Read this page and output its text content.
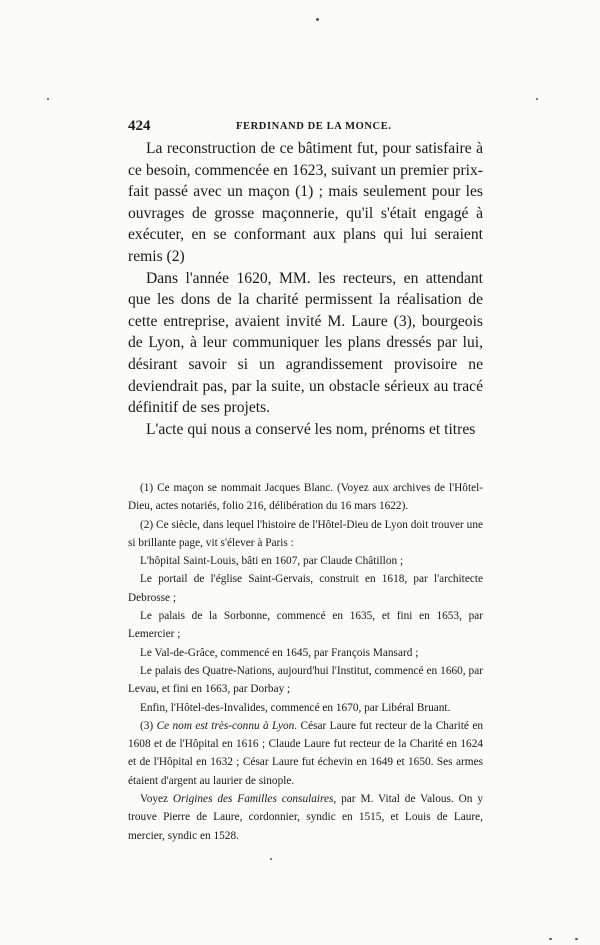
424	FERDINAND DE LA MONCE.

La reconstruction de ce bâtiment fut, pour satisfaire à ce besoin, commencée en 1623, suivant un premier prix-fait passé avec un maçon (1) ; mais seulement pour les ouvrages de grosse maçonnerie, qu'il s'était engagé à exécuter, en se conformant aux plans qui lui seraient remis (2)

Dans l'année 1620, MM. les recteurs, en attendant que les dons de la charité permissent la réalisation de cette entreprise, avaient invité M. Laure (3), bourgeois de Lyon, à leur communiquer les plans dressés par lui, désirant savoir si un agrandissement provisoire ne deviendrait pas, par la suite, un obstacle sérieux au tracé définitif de ses projets.

L'acte qui nous a conservé les nom, prénoms et titres

(1) Ce maçon se nommait Jacques Blanc. (Voyez aux archives de l'Hôtel-Dieu, actes notariés, folio 216, délibération du 16 mars 1622).

(2) Ce siècle, dans lequel l'histoire de l'Hôtel-Dieu de Lyon doit trouver une si brillante page, vit s'élever à Paris :

L'hôpital Saint-Louis, bâti en 1607, par Claude Châtillon ;

Le portail de l'église Saint-Gervais, construit en 1618, par l'architecte Debrosse ;

Le palais de la Sorbonne, commencé en 1635, et fini en 1653, par Lemercier ;

Le Val-de-Grâce, commencé en 1645, par François Mansard ;

Le palais des Quatre-Nations, aujourd'hui l'Institut, commencé en 1660, par Levau, et fini en 1663, par Dorbay ;

Enfin, l'Hôtel-des-Invalides, commencé en 1670, par Libéral Bruant.

(3) Ce nom est très-connu à Lyon. César Laure fut recteur de la Charité en 1608 et de l'Hôpital en 1616 ; Claude Laure fut recteur de la Charité en 1624 et de l'Hôpital en 1632 ; César Laure fut échevin en 1649 et 1650. Ses armes étaient d'argent au laurier de sinople.

Voyez Origines des Familles consulaires, par M. Vital de Valous. On y trouve Pierre de Laure, cordonnier, syndic en 1515, et Louis de Laure, mercier, syndic en 1528.
